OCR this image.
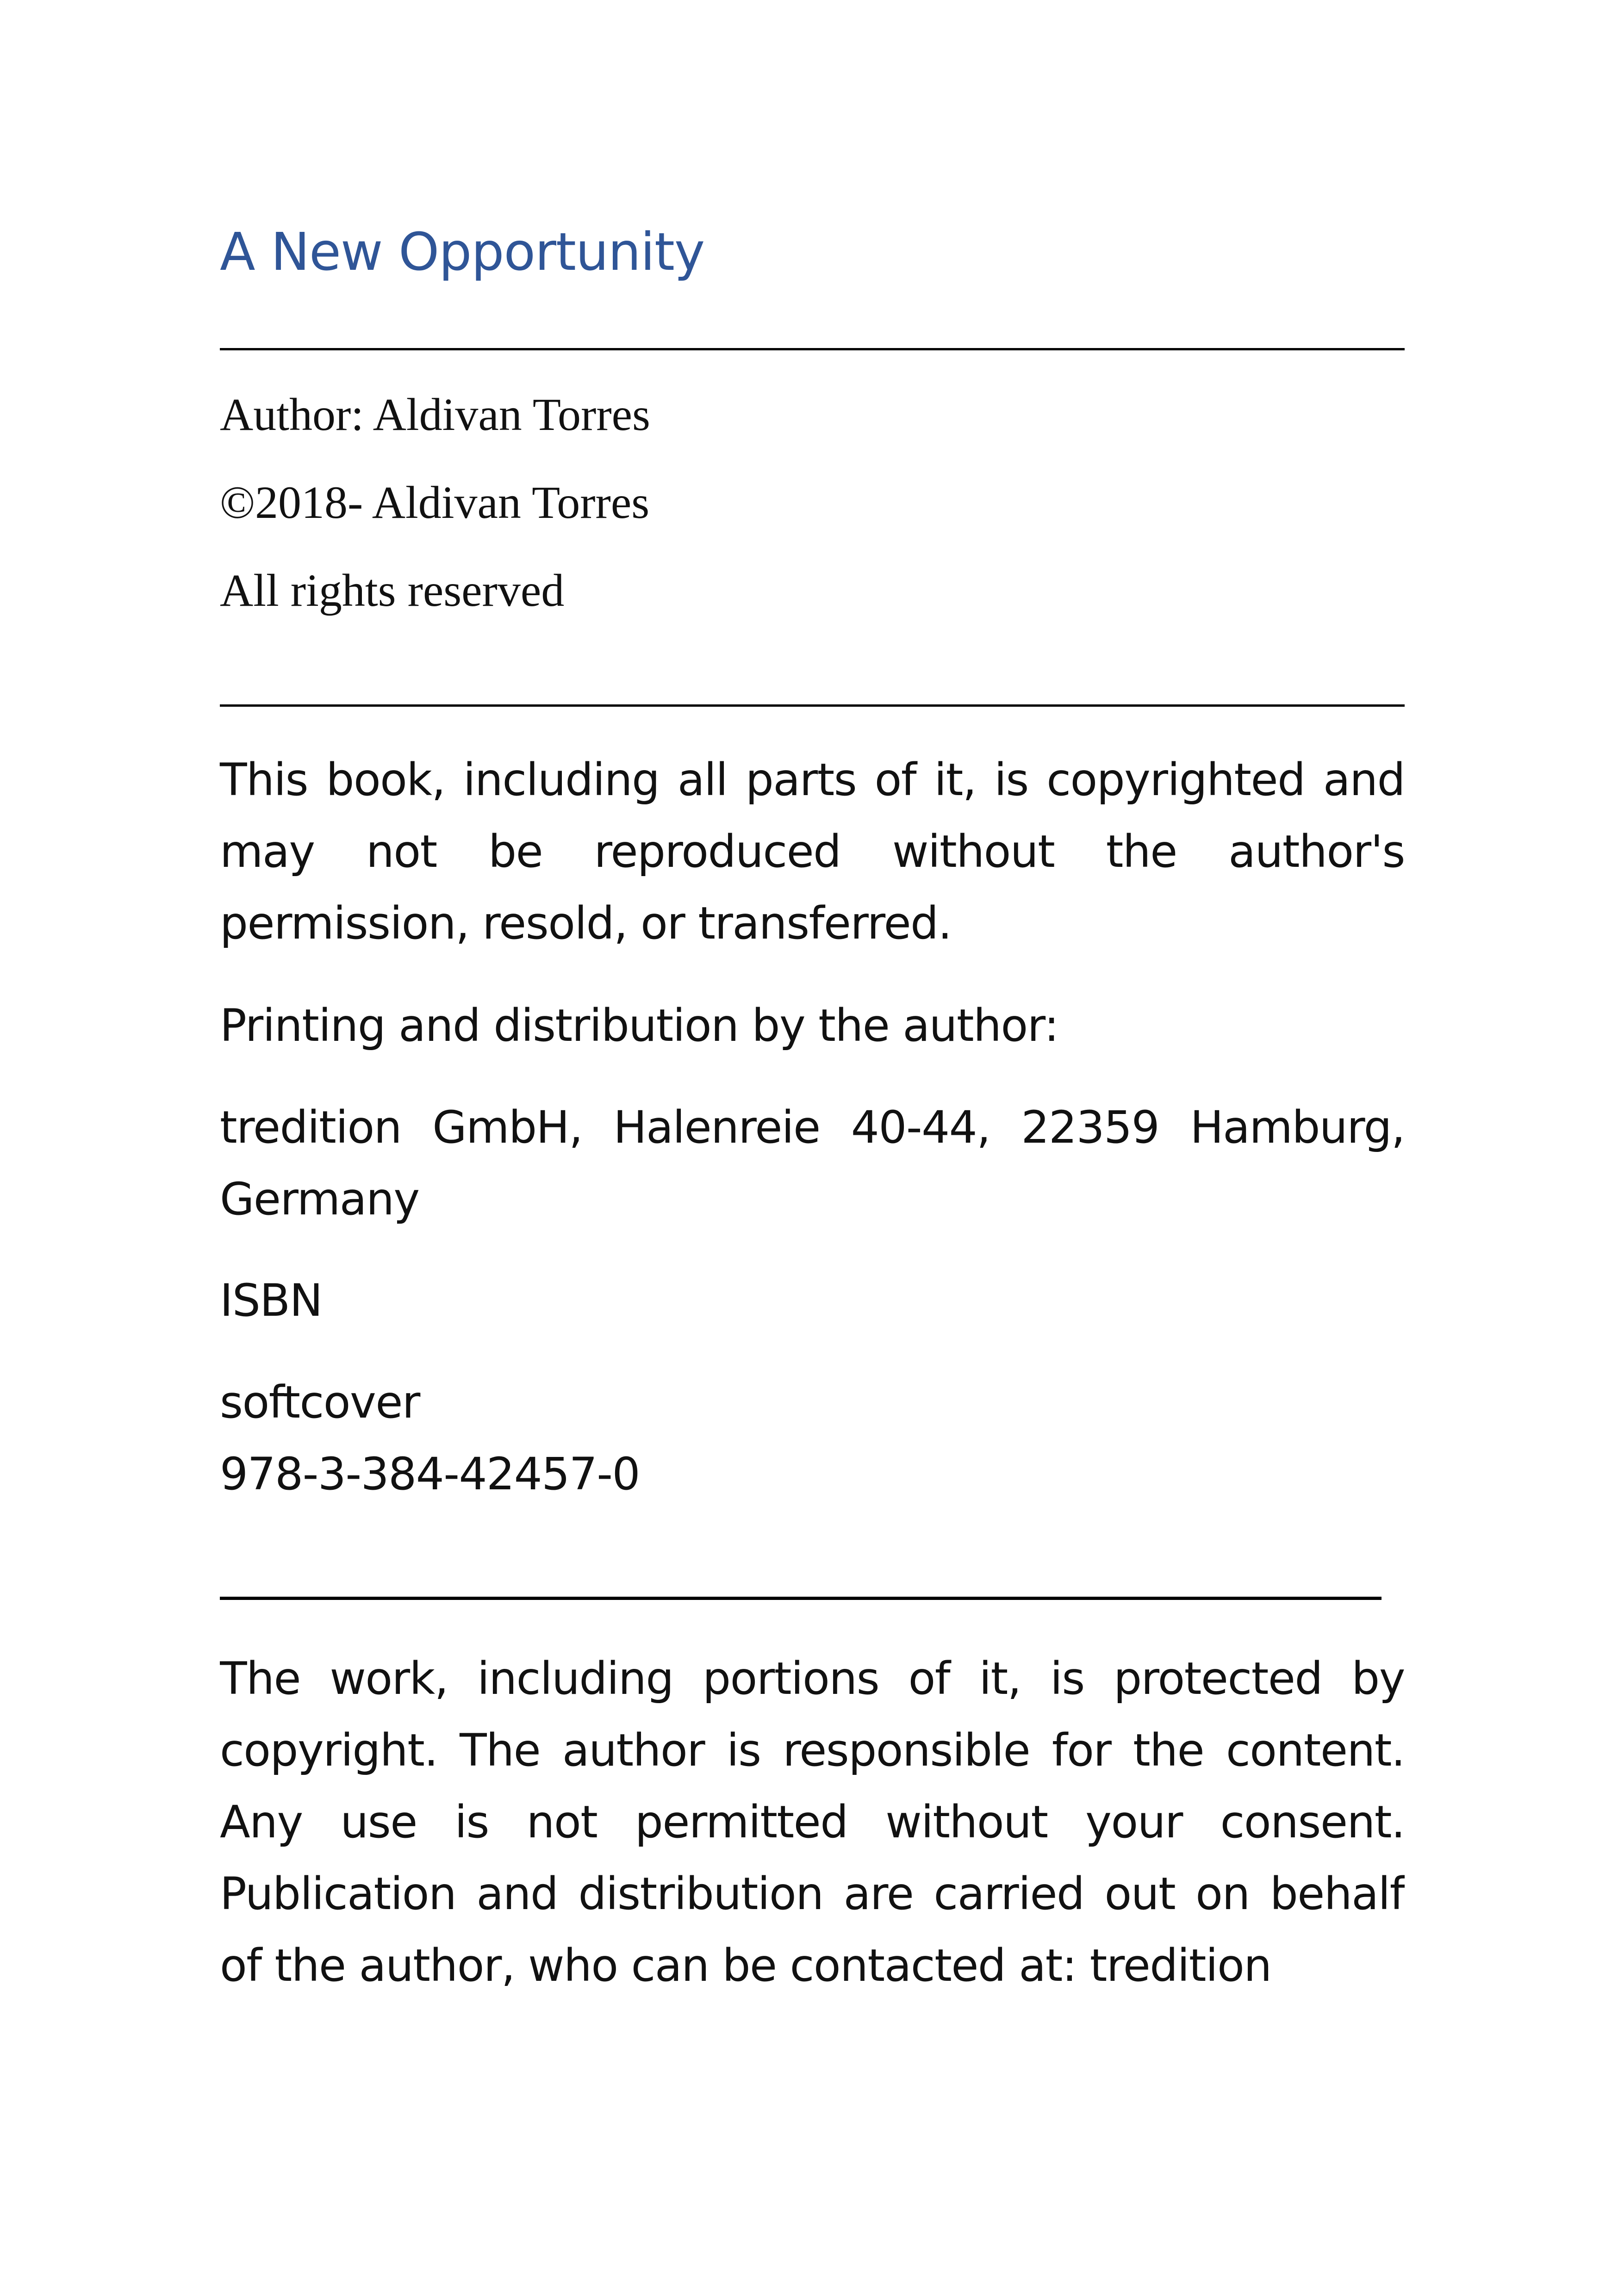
A New Opportunity

Author: Aldivan Torres

©2018- Aldivan Torres

All rights reserved

This book, including all parts of it, is copyrighted and may not be reproduced without the author's permission, resold, or transferred.

Printing and distribution by the author:

tredition GmbH, Halenreie 40-44, 22359 Hamburg, Germany

ISBN

softcover

978-3-384-42457-0

The work, including portions of it, is protected by copyright. The author is responsible for the content. Any use is not permitted without your consent. Publication and distribution are carried out on behalf of the author, who can be contacted at: tredition
